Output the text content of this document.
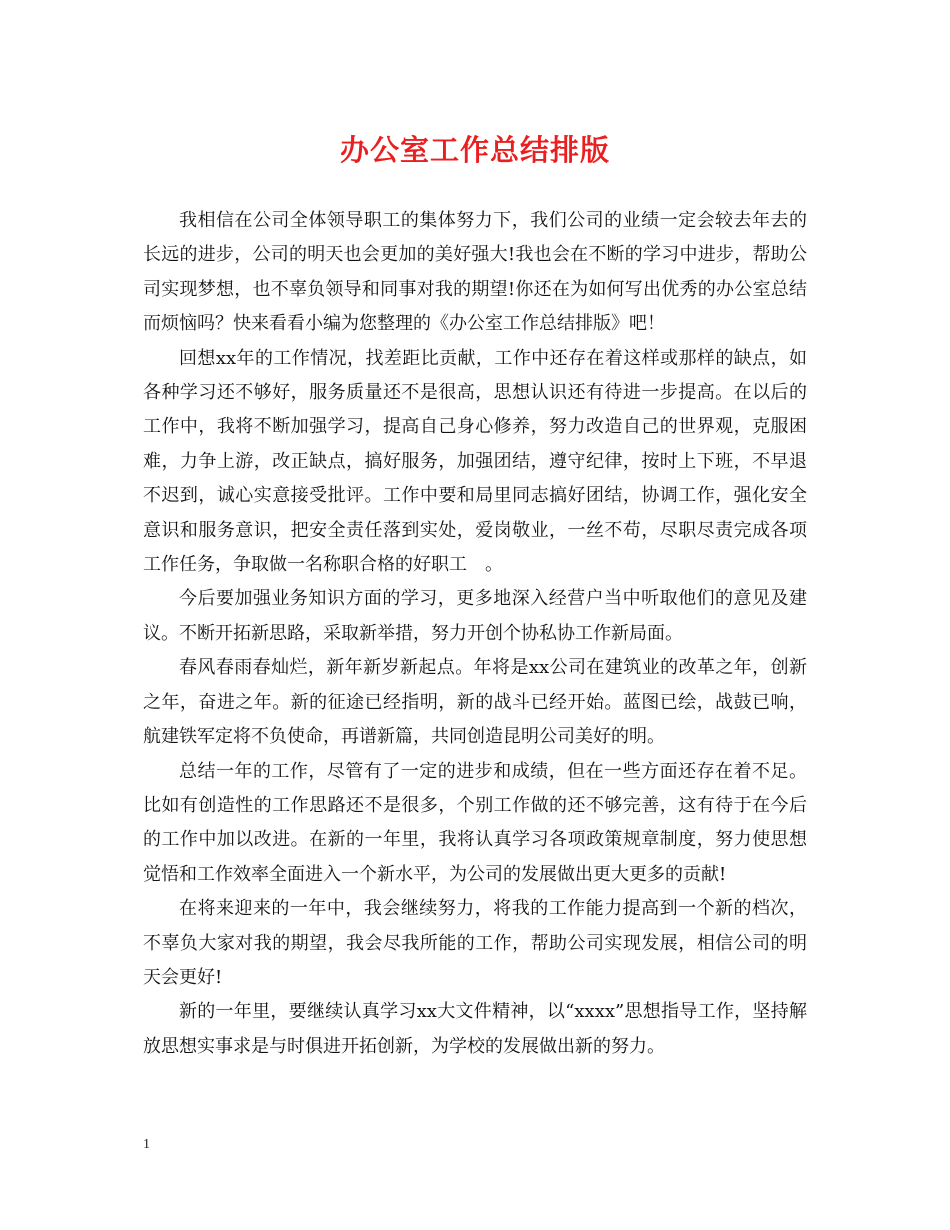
办公室工作总结排版

我相信在公司全体领导职工的集体努力下，我们公司的业绩一定会较去年去的长远的进步，公司的明天也会更加的美好强大!我也会在不断的学习中进步，帮助公司实现梦想，也不辜负领导和同事对我的期望!你还在为如何写出优秀的办公室总结而烦恼吗？快来看看小编为您整理的《办公室工作总结排版》吧！

回想xx年的工作情况，找差距比贡献，工作中还存在着这样或那样的缺点，如各种学习还不够好，服务质量还不是很高，思想认识还有待进一步提高。在以后的工作中，我将不断加强学习，提高自己身心修养，努力改造自己的世界观，克服困难，力争上游，改正缺点，搞好服务，加强团结，遵守纪律，按时上下班，不早退不迟到，诚心实意接受批评。工作中要和局里同志搞好团结，协调工作，强化安全意识和服务意识，把安全责任落到实处，爱岗敬业，一丝不苟，尽职尽责完成各项工作任务，争取做一名称职合格的好职工　。

今后要加强业务知识方面的学习，更多地深入经营户当中听取他们的意见及建议。不断开拓新思路，采取新举措，努力开创个协私协工作新局面。

春风春雨春灿烂，新年新岁新起点。年将是xx公司在建筑业的改革之年，创新之年，奋进之年。新的征途已经指明，新的战斗已经开始。蓝图已绘，战鼓已响，航建铁军定将不负使命，再谱新篇，共同创造昆明公司美好的明。

总结一年的工作，尽管有了一定的进步和成绩，但在一些方面还存在着不足。比如有创造性的工作思路还不是很多，个别工作做的还不够完善，这有待于在今后的工作中加以改进。在新的一年里，我将认真学习各项政策规章制度，努力使思想觉悟和工作效率全面进入一个新水平，为公司的发展做出更大更多的贡献!

在将来迎来的一年中，我会继续努力，将我的工作能力提高到一个新的档次，不辜负大家对我的期望，我会尽我所能的工作，帮助公司实现发展，相信公司的明天会更好!

新的一年里，要继续认真学习xx大文件精神，以“xxxx”思想指导工作，坚持解放思想实事求是与时俱进开拓创新，为学校的发展做出新的努力。

1
